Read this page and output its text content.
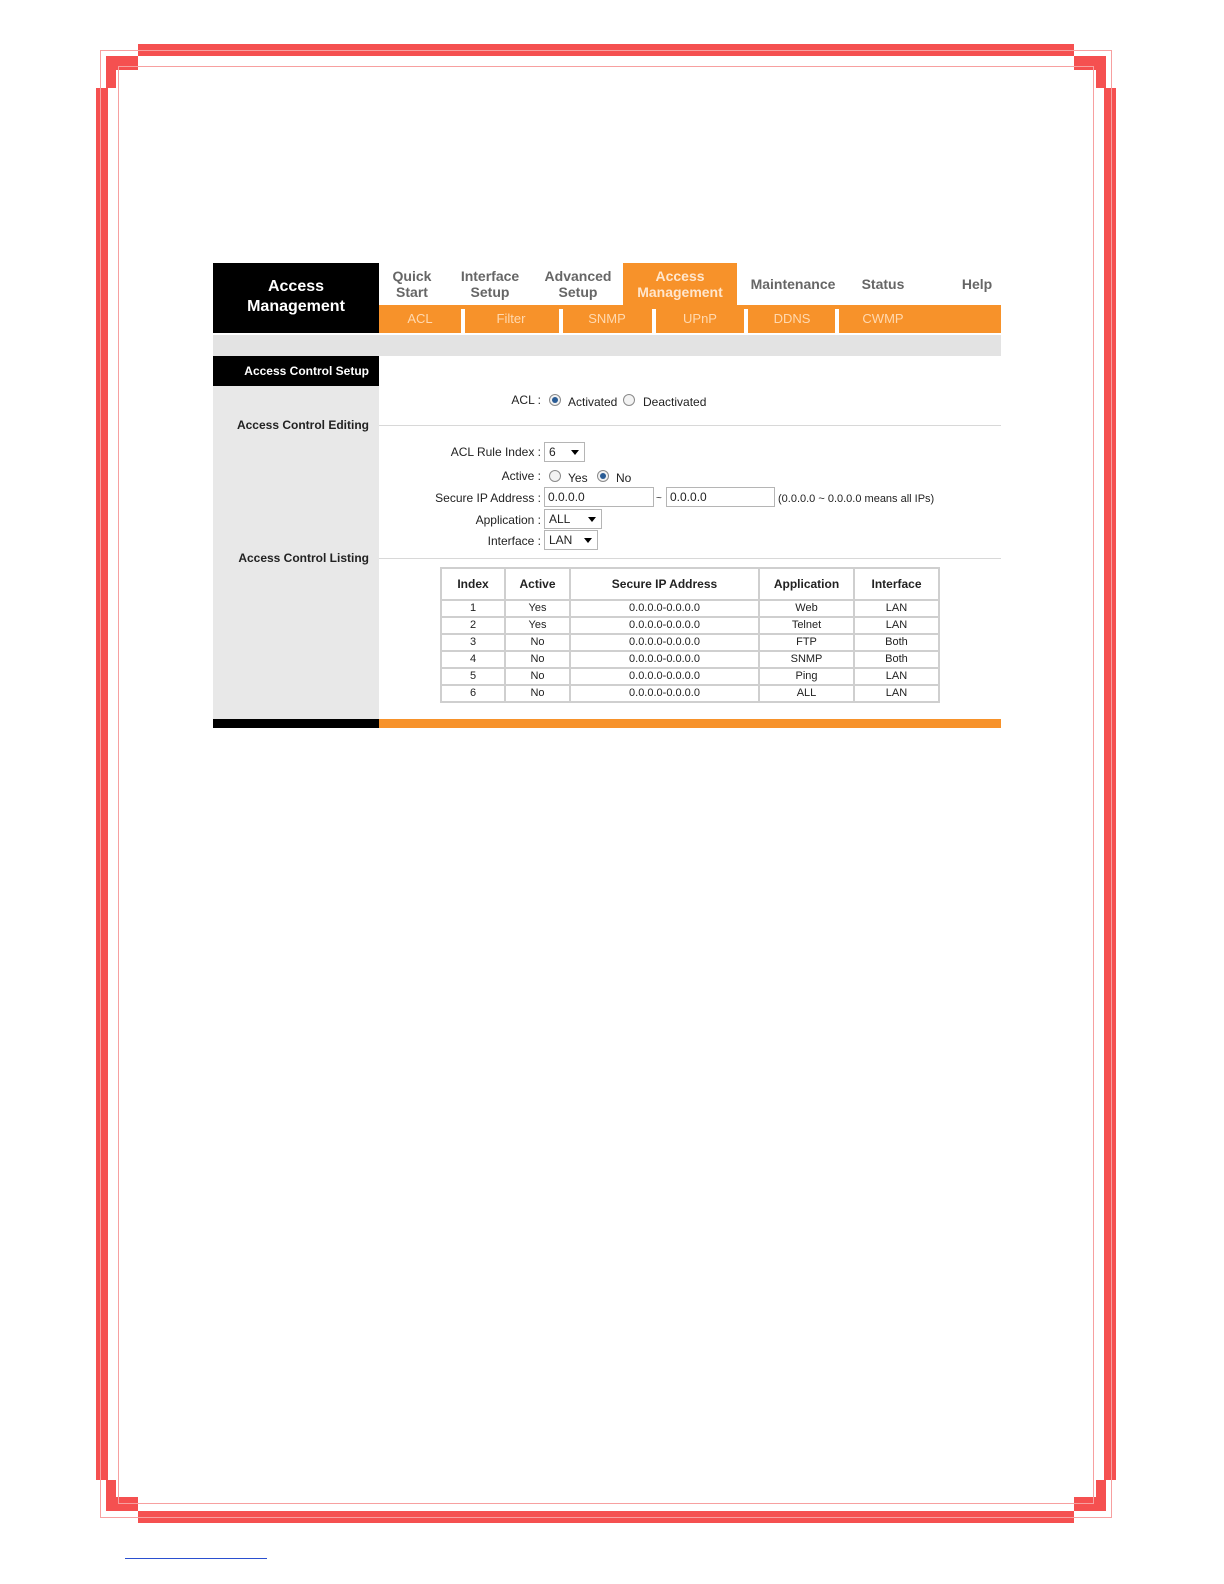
Access
Management
Quick
Start
Interface
Setup
Advanced
Setup
Access
Management Maintenance Status	Help
ACL	Filter	SNMP	UPnP	DDNS	CWMP
Access Control Setup
Access Control Editing
Access Control Listing
ACL : Activated Deactivated
ACL Rule Index : 6
Active : Yes No
Secure IP Address :
0.0.0.0	~
0.0.0.0	(0.0.0.0 ~ 0.0.0.0 means all IPs)
Application : ALL
Interface : LAN
Index	Active	Secure IP Address	Application	Interface
1	Yes	0.0.0.0-0.0.0.0	Web	LAN
2	Yes	0.0.0.0-0.0.0.0	Telnet	LAN
3	No	0.0.0.0-0.0.0.0	FTP	Both
4	No	0.0.0.0-0.0.0.0	SNMP	Both
5	No	0.0.0.0-0.0.0.0	Ping	LAN
6	No	0.0.0.0-0.0.0.0	ALL	LAN
